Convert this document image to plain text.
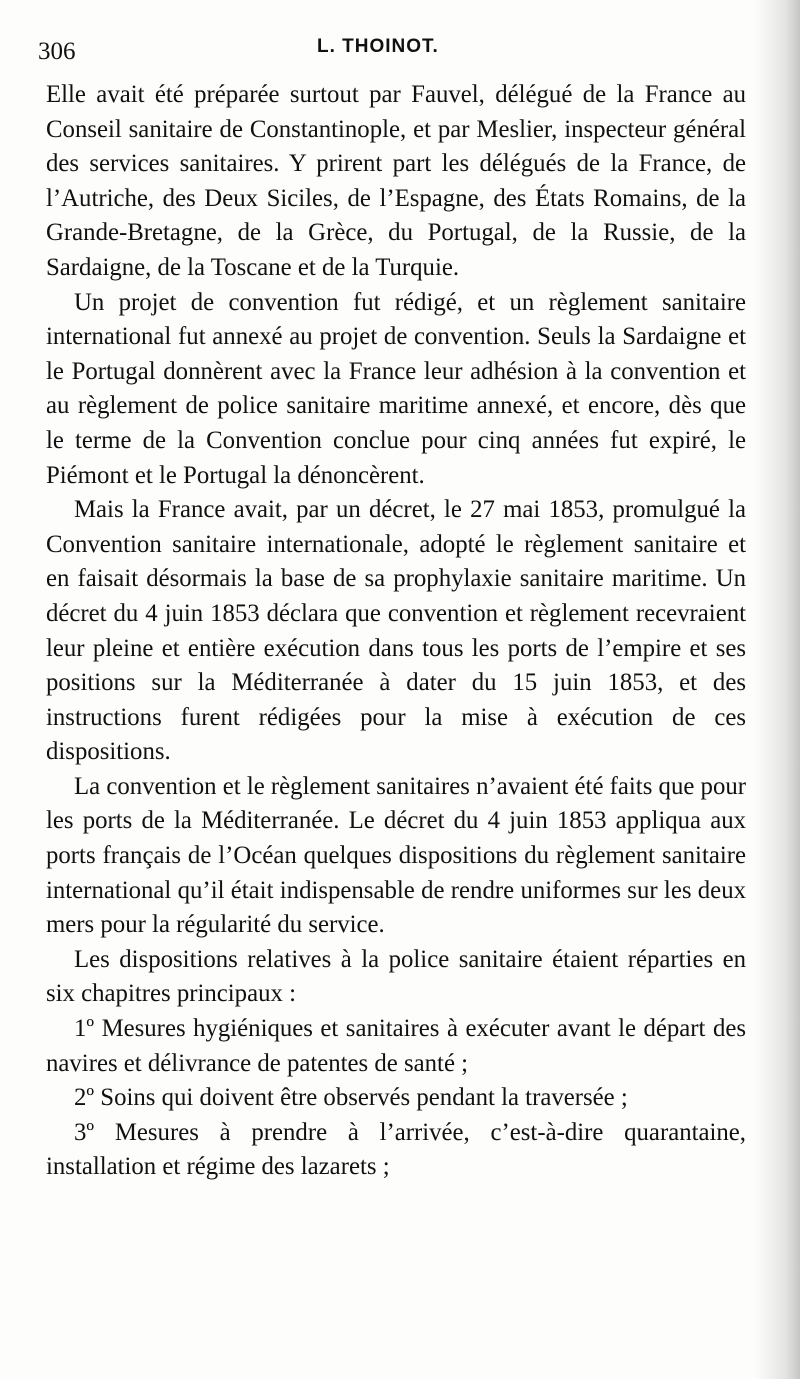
306	L. THOINOT.

Elle avait été préparée surtout par Fauvel, délégué de la France au Conseil sanitaire de Constantinople, et par Meslier, inspecteur général des services sanitaires. Y prirent part les délégués de la France, de l’Autriche, des Deux Siciles, de l’Espagne, des États Romains, de la Grande-Bretagne, de la Grèce, du Portugal, de la Russie, de la Sardaigne, de la Toscane et de la Turquie.

Un projet de convention fut rédigé, et un règlement sanitaire international fut annexé au projet de convention. Seuls la Sardaigne et le Portugal donnèrent avec la France leur adhésion à la convention et au règlement de police sanitaire maritime annexé, et encore, dès que le terme de la Convention conclue pour cinq années fut expiré, le Piémont et le Portugal la dénoncèrent.

Mais la France avait, par un décret, le 27 mai 1853, promulgué la Convention sanitaire internationale, adopté le règlement sanitaire et en faisait désormais la base de sa prophylaxie sanitaire maritime. Un décret du 4 juin 1853 déclara que convention et règlement recevraient leur pleine et entière exécution dans tous les ports de l’empire et ses positions sur la Méditerranée à dater du 15 juin 1853, et des instructions furent rédigées pour la mise à exécution de ces dispositions.

La convention et le règlement sanitaires n’avaient été faits que pour les ports de la Méditerranée. Le décret du 4 juin 1853 appliqua aux ports français de l’Océan quelques dispositions du règlement sanitaire international qu’il était indispensable de rendre uniformes sur les deux mers pour la régularité du service.

Les dispositions relatives à la police sanitaire étaient réparties en six chapitres principaux :

1º Mesures hygiéniques et sanitaires à exécuter avant le départ des navires et délivrance de patentes de santé ;

2º Soins qui doivent être observés pendant la traversée ;

3º Mesures à prendre à l’arrivée, c’est-à-dire quarantaine, installation et régime des lazarets ;
